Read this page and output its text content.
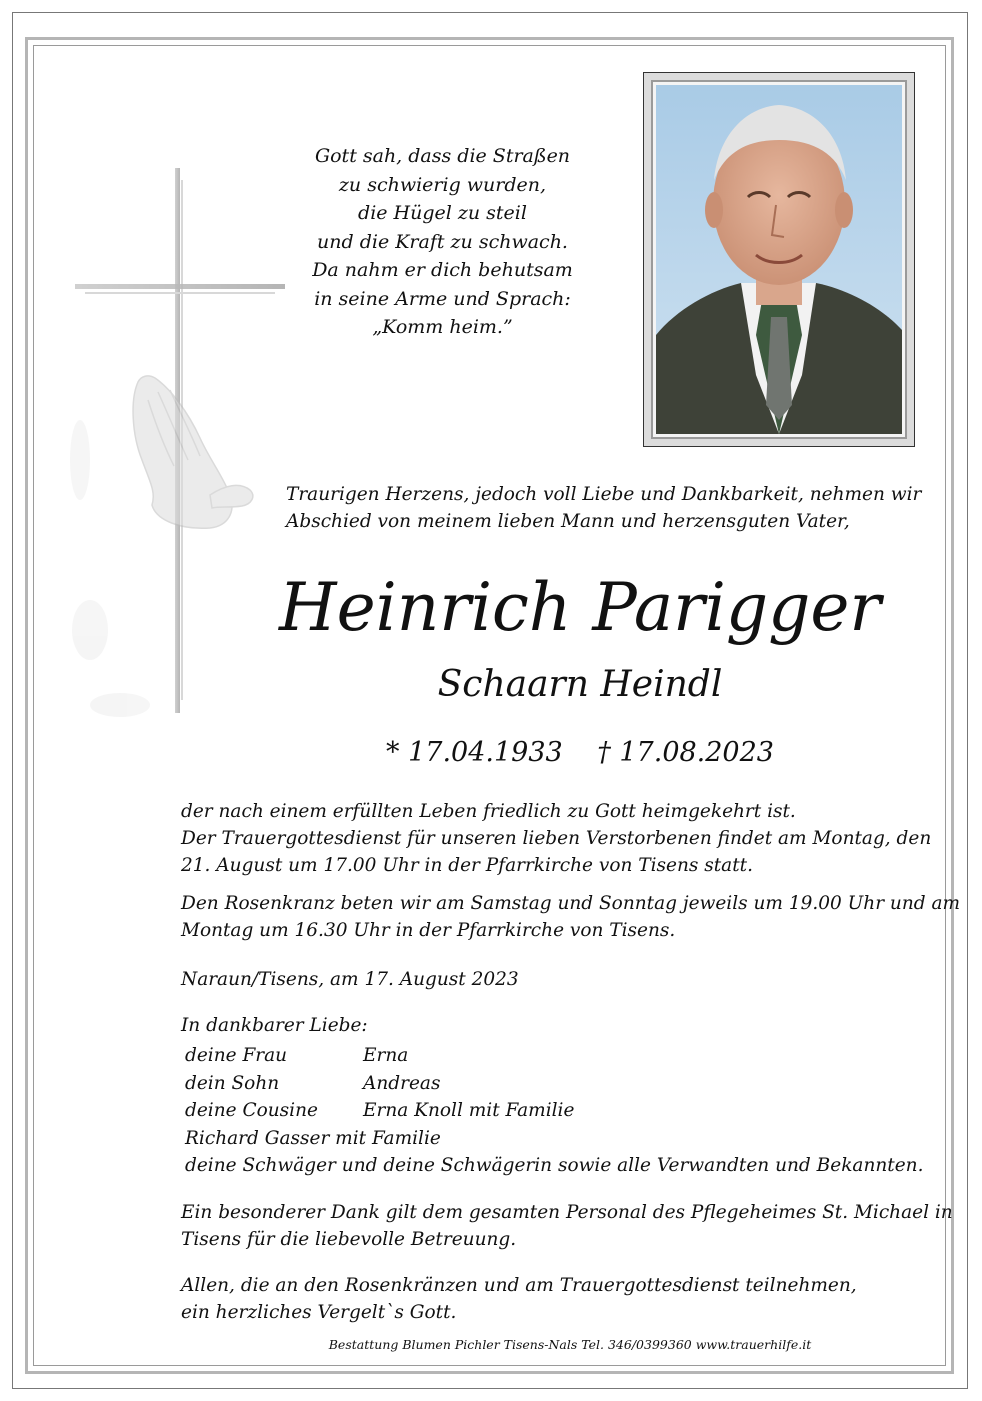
Gott sah, dass die Straßen
zu schwierig wurden,
die Hügel zu steil
und die Kraft zu schwach.
Da nahm er dich behutsam
in seine Arme und Sprach:
„Komm heim.”
Traurigen Herzens, jedoch voll Liebe und Dankbarkeit, nehmen wir
Abschied von meinem lieben Mann und herzensguten Vater,
Heinrich Parigger
Schaarn Heindl
* 17.04.1933 † 17.08.2023
der nach einem erfüllten Leben friedlich zu Gott heimgekehrt ist.
Der Trauergottesdienst für unseren lieben Verstorbenen findet am Montag, den
21. August um 17.00 Uhr in der Pfarrkirche von Tisens statt.
Den Rosenkranz beten wir am Samstag und Sonntag jeweils um 19.00 Uhr und am
Montag um 16.30 Uhr in der Pfarrkirche von Tisens.
Naraun/Tisens, am 17. August 2023
In dankbarer Liebe:
deine Frau	Erna
dein Sohn	Andreas
deine Cousine Erna Knoll mit Familie
Richard Gasser mit Familie
deine Schwäger und deine Schwägerin sowie alle Verwandten und Bekannten.
Ein besonderer Dank gilt dem gesamten Personal des Pflegeheimes St. Michael in
Tisens für die liebevolle Betreuung.
Allen, die an den Rosenkränzen und am Trauergottesdienst teilnehmen,
ein herzliches Vergelt`s Gott.
Bestattung Blumen Pichler Tisens-Nals Tel. 346/0399360 www.trauerhilfe.it
